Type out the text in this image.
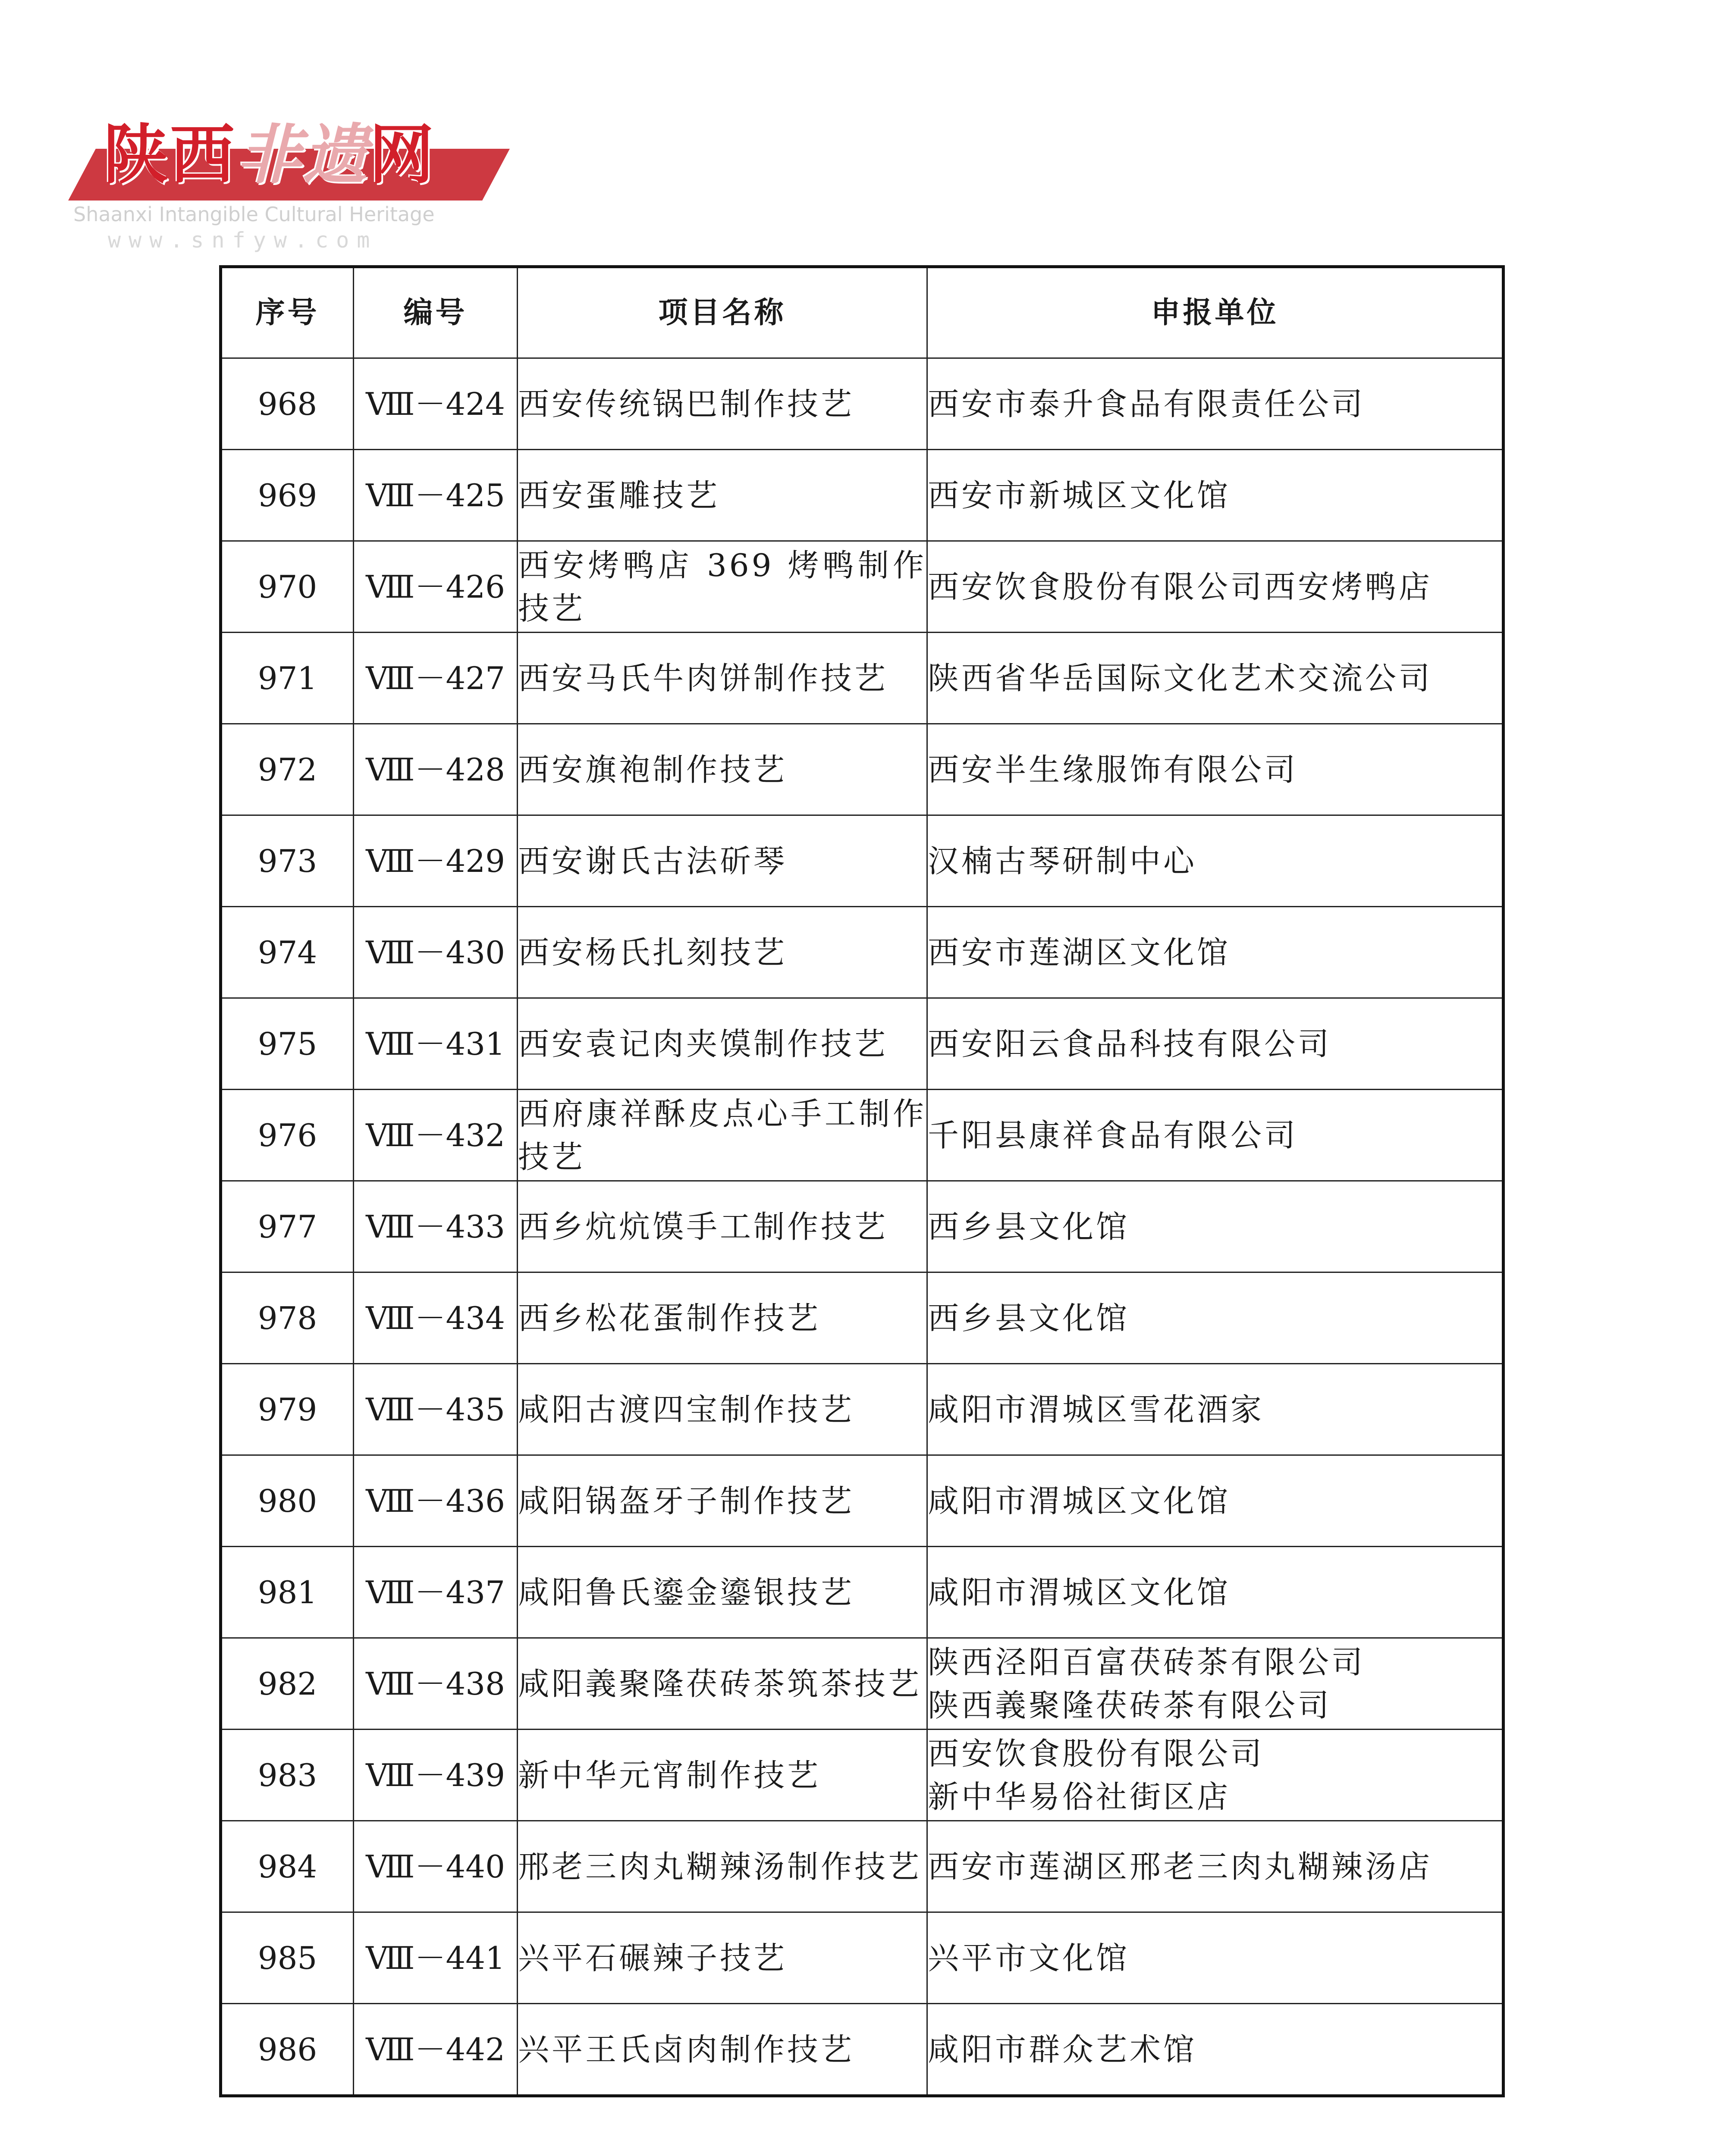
陕西非遗网
Shaanxi Intangible Cultural Heritage
www.snfyw.com
序号	编号	项目名称	申报单位
968	Ⅷ－424	西安传统锅巴制作技艺	西安市泰升食品有限责任公司

969	Ⅷ－425	西安蛋雕技艺	西安市新城区文化馆

970	Ⅷ－426	西安烤鸭店 369 烤鸭制作技艺	西安饮食股份有限公司西安烤鸭店

971	Ⅷ－427	西安马氏牛肉饼制作技艺	陕西省华岳国际文化艺术交流公司

972	Ⅷ－428	西安旗袍制作技艺	西安半生缘服饰有限公司

973	Ⅷ－429	西安谢氏古法斫琴	汉楠古琴研制中心

974	Ⅷ－430	西安杨氏扎刻技艺	西安市莲湖区文化馆

975	Ⅷ－431	西安袁记肉夹馍制作技艺	西安阳云食品科技有限公司

976	Ⅷ－432	西府康祥酥皮点心手工制作技艺	千阳县康祥食品有限公司

977	Ⅷ－433	西乡炕炕馍手工制作技艺	西乡县文化馆

978	Ⅷ－434	西乡松花蛋制作技艺	西乡县文化馆

979	Ⅷ－435	咸阳古渡四宝制作技艺	咸阳市渭城区雪花酒家

980	Ⅷ－436	咸阳锅盔牙子制作技艺	咸阳市渭城区文化馆

981	Ⅷ－437	咸阳鲁氏鎏金鎏银技艺	咸阳市渭城区文化馆

982	Ⅷ－438	咸阳義聚隆茯砖茶筑茶技艺	陕西泾阳百富茯砖茶有限公司
陕西義聚隆茯砖茶有限公司

983	Ⅷ－439	新中华元宵制作技艺	西安饮食股份有限公司
新中华易俗社街区店

984	Ⅷ－440	邢老三肉丸糊辣汤制作技艺	西安市莲湖区邢老三肉丸糊辣汤店

985	Ⅷ－441	兴平石碾辣子技艺	兴平市文化馆

986	Ⅷ－442	兴平王氏卤肉制作技艺	咸阳市群众艺术馆
